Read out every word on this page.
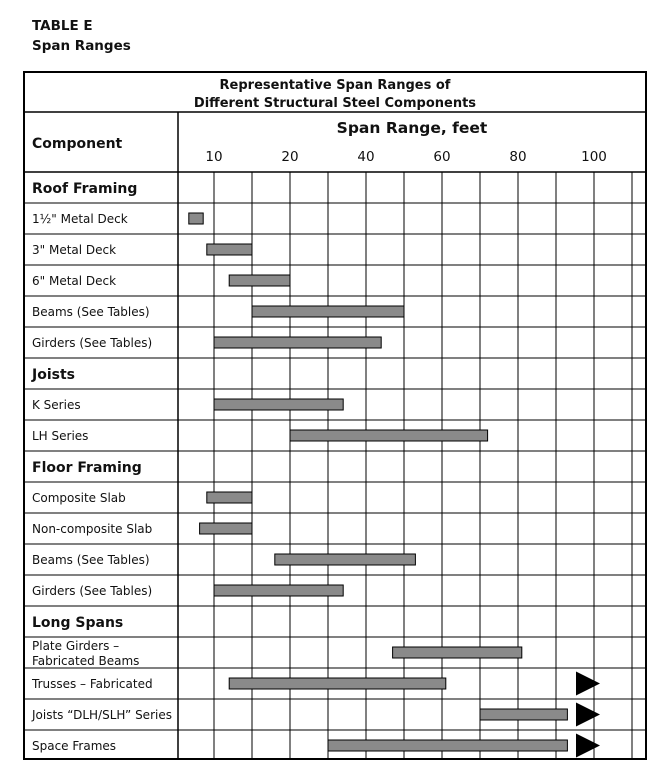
TABLE E
Span Ranges
Representative Span Ranges of
Different Structural Steel Components
Component
Span Range, feet
10	20	40	60	80	100
Roof Framing
1½" Metal Deck
3" Metal Deck
6" Metal Deck
Beams (See Tables)
Girders (See Tables)
Joists
K Series
LH Series
Floor Framing
Composite Slab
Non-composite Slab
Beams (See Tables)
Girders (See Tables)
Long Spans
Plate Girders –
Fabricated Beams
Trusses – Fabricated
Joists “DLH/SLH” Series
Space Frames
